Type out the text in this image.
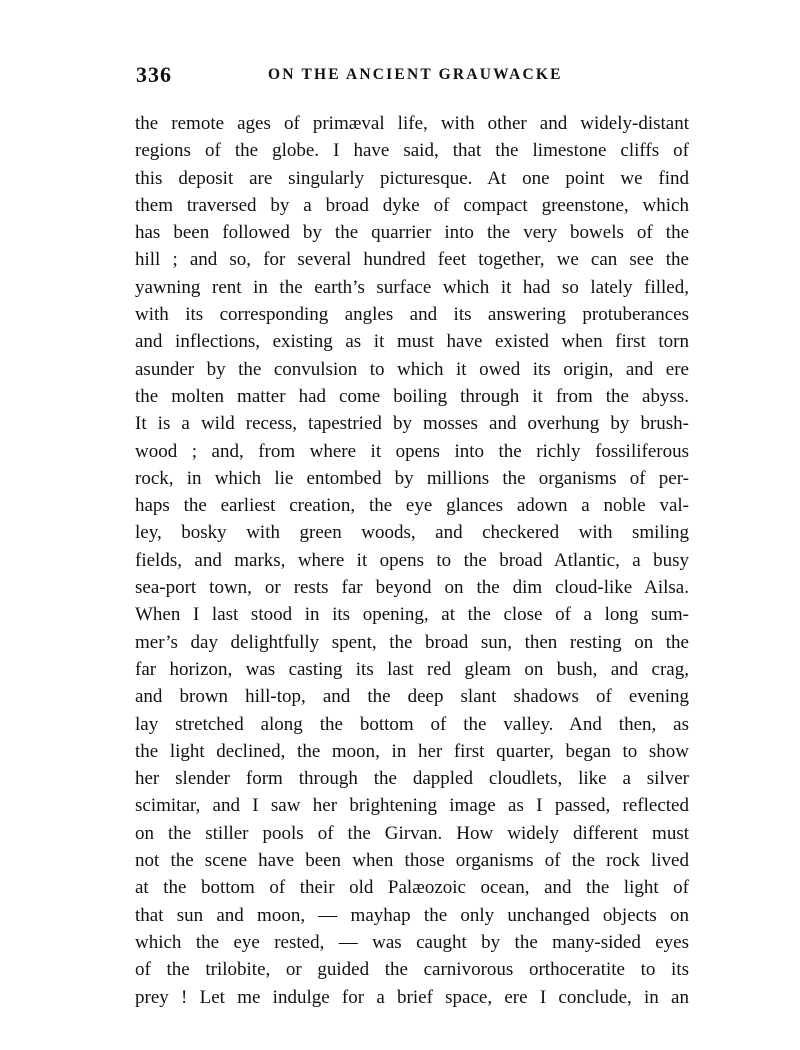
336	ON THE ANCIENT GRAUWACKE
the remote ages of primæval life, with other and widely-distant
regions of the globe. I have said, that the limestone cliffs of
this deposit are singularly picturesque. At one point we find
them traversed by a broad dyke of compact greenstone, which
has been followed by the quarrier into the very bowels of the
hill ; and so, for several hundred feet together, we can see the
yawning rent in the earth’s surface which it had so lately filled,
with its corresponding angles and its answering protuberances
and inflections, existing as it must have existed when first torn
asunder by the convulsion to which it owed its origin, and ere
the molten matter had come boiling through it from the abyss.
It is a wild recess, tapestried by mosses and overhung by brush-
wood ; and, from where it opens into the richly fossiliferous
rock, in which lie entombed by millions the organisms of per-
haps the earliest creation, the eye glances adown a noble val-
ley, bosky with green woods, and checkered with smiling
fields, and marks, where it opens to the broad Atlantic, a busy
sea-port town, or rests far beyond on the dim cloud-like Ailsa.
When I last stood in its opening, at the close of a long sum-
mer’s day delightfully spent, the broad sun, then resting on the
far horizon, was casting its last red gleam on bush, and crag,
and brown hill-top, and the deep slant shadows of evening
lay stretched along the bottom of the valley. And then, as
the light declined, the moon, in her first quarter, began to show
her slender form through the dappled cloudlets, like a silver
scimitar, and I saw her brightening image as I passed, reflected
on the stiller pools of the Girvan. How widely different must
not the scene have been when those organisms of the rock lived
at the bottom of their old Palæozoic ocean, and the light of
that sun and moon, — mayhap the only unchanged objects on
which the eye rested, — was caught by the many-sided eyes
of the trilobite, or guided the carnivorous orthoceratite to its
prey ! Let me indulge for a brief space, ere I conclude, in an
